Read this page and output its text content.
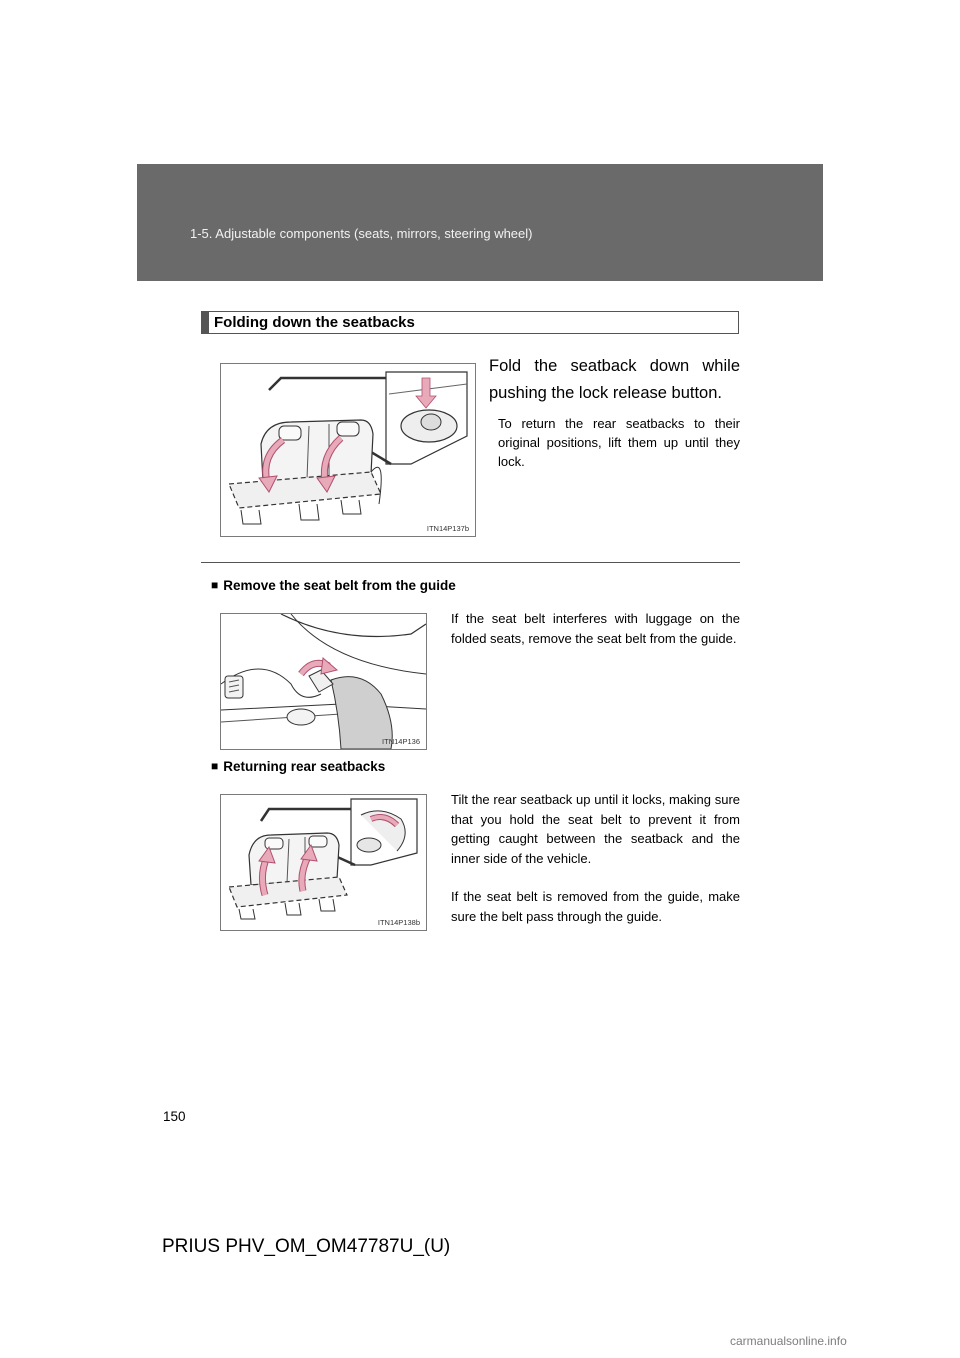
1-5. Adjustable components (seats, mirrors, steering wheel)
Folding down the seatbacks
ITN14P137b
Fold the seatback down while pushing the lock release button.
To return the rear seatbacks to their original positions, lift them up until they lock.
■ Remove the seat belt from the guide
ITN14P136
If the seat belt interferes with luggage on the folded seats, remove the seat belt from the guide.
■ Returning rear seatbacks
ITN14P138b
Tilt the rear seatback up until it locks, making sure that you hold the seat belt to prevent it from getting caught between the seatback and the inner side of the vehicle.
If the seat belt is removed from the guide, make sure the belt pass through the guide.
150
PRIUS PHV_OM_OM47787U_(U)
carmanualsonline.info
